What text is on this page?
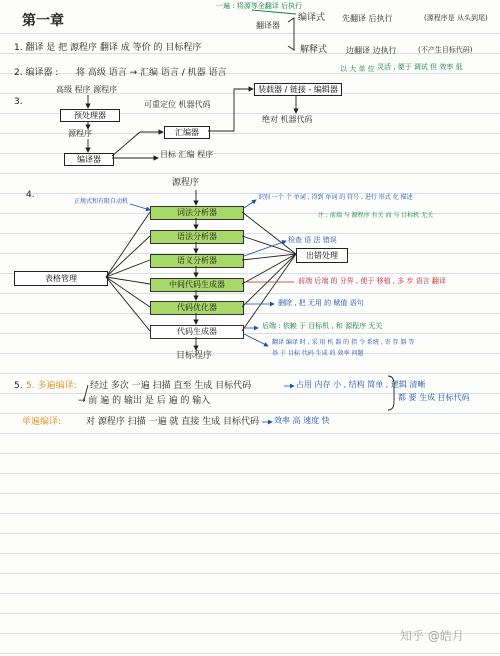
第一章
一遍 : 将源等全翻译 后执行
翻译器
编译式 先翻译 后执行	(源程序是 从头到尾)
解释式 边翻译 边执行	(不产生目标代码)
以 大 单 位 灵活 , 便于 调试 但 效率 低
1. 翻译 是 把 源程序 翻译 成 等价 的 目标程序
2. 编译器 : 将 高级 语言 → 汇编 语言 / 机器 语言
3.
高级 程序 源程序
预处理器
源程序
编译器
汇编器
可重定位 机器代码
装载器 / 链接 - 编辑器
绝对 机器代码
目标 汇编 程序
4.
源程序
词法分析器
语法分析器
语义分析器
中间代码生成器
代码优化器
代码生成器
目标程序
表格管理
出错处理
正规式和有限自动机
识别 一个 个 单词 , 得到 单词 的 符号 , 进行 形式 化 描述
注 : 前端 与 源程序 有关 而 与 目标机 无关
检查 语 法 错误
前端 后端 的 分界 , 便于 移植 , 多 步 语言 翻译
删除 , 把 无用 的 赋值 语句
后端 : 依赖 于 目标机 , 和 源程序 无关
翻译 编译 时 , 采 用 机 器 的 指 令 系统 , 寄 存 器 等
基 于 目标 代码 生成 的 效率 问题
5. 5. 多遍编译: 经过 多次 一遍 扫描 直至 生成 目标代码
→ 前 遍 的 输出 是 后 遍 的 输入
占用 内存 小 , 结构 简单 , 逻辑 清晰
都 要 生成 目标代码
单遍编译:	对 源程序 扫描 一遍 就 直接 生成 目标代码 效率 高 速度 快
知乎 @皓月
